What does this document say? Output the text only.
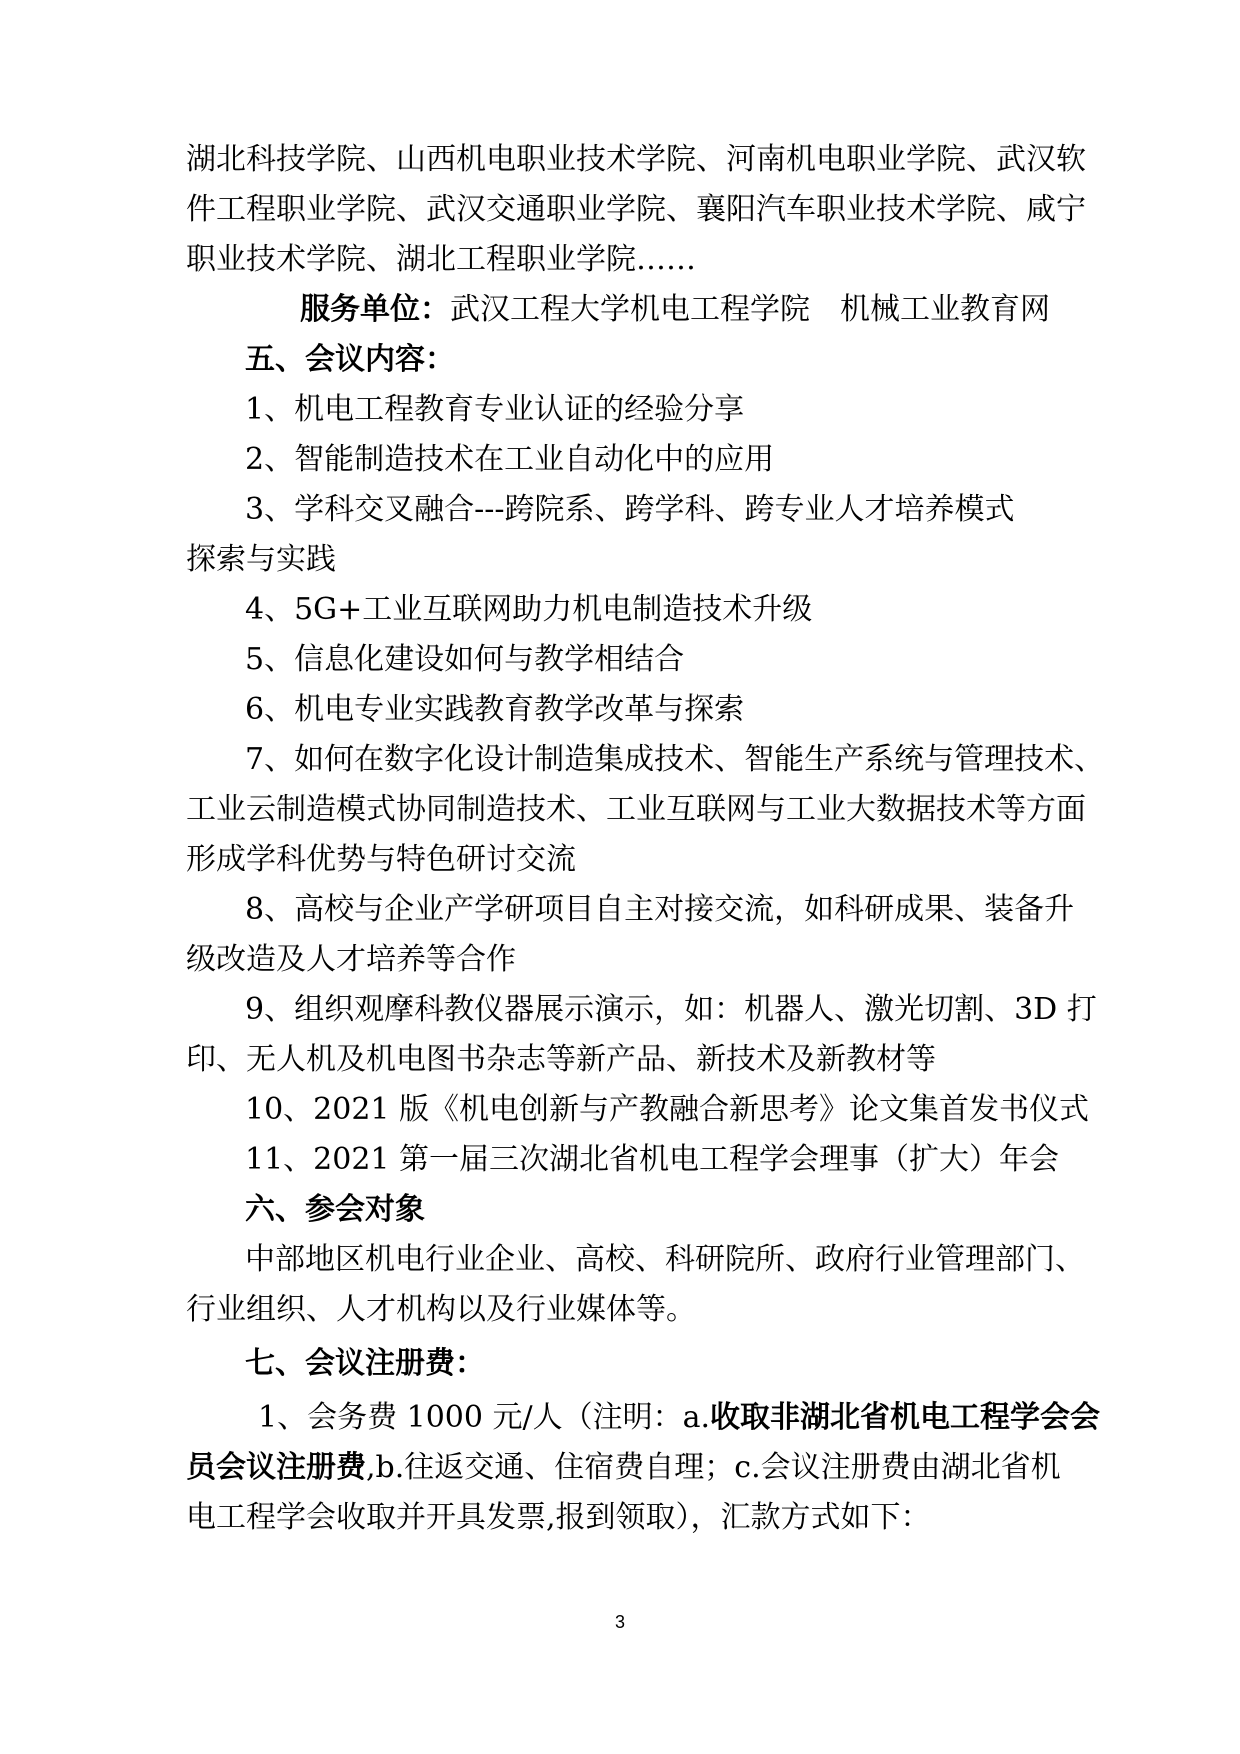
湖北科技学院、山西机电职业技术学院、河南机电职业学院、武汉软
件工程职业学院、武汉交通职业学院、襄阳汽车职业技术学院、咸宁
职业技术学院、湖北工程职业学院……
服务单位：武汉工程大学机电工程学院　机械工业教育网
五、会议内容：
1、机电工程教育专业认证的经验分享
2、智能制造技术在工业自动化中的应用
3、学科交叉融合---跨院系、跨学科、跨专业人才培养模式
探索与实践
4、5G+工业互联网助力机电制造技术升级
5、信息化建设如何与教学相结合
6、机电专业实践教育教学改革与探索
7、如何在数字化设计制造集成技术、智能生产系统与管理技术、
工业云制造模式协同制造技术、工业互联网与工业大数据技术等方面
形成学科优势与特色研讨交流
8、高校与企业产学研项目自主对接交流，如科研成果、装备升
级改造及人才培养等合作
9、组织观摩科教仪器展示演示，如：机器人、激光切割、3D 打
印、无人机及机电图书杂志等新产品、新技术及新教材等
10、2021 版《机电创新与产教融合新思考》论文集首发书仪式
11、2021 第一届三次湖北省机电工程学会理事（扩大）年会
六、参会对象
中部地区机电行业企业、高校、科研院所、政府行业管理部门、
行业组织、人才机构以及行业媒体等。
七、会议注册费：
1、会务费 1000 元/人（注明：a.收取非湖北省机电工程学会会
员会议注册费,b.往返交通、住宿费自理；c.会议注册费由湖北省机
电工程学会收取并开具发票,报到领取），汇款方式如下：
3
